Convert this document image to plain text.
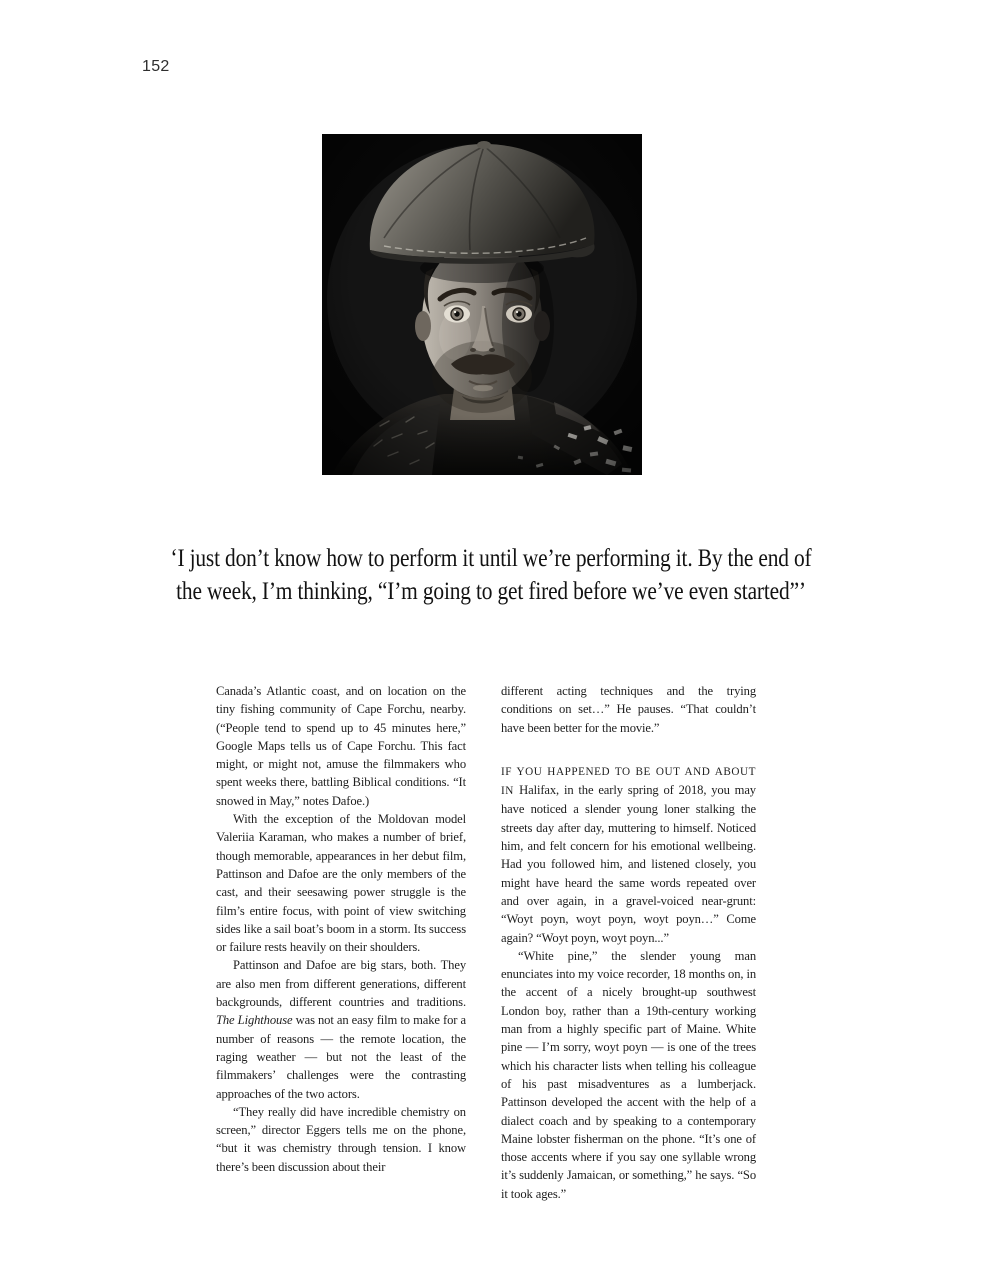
152
‘I just don’t know how to perform it until we’re performing it. By the end of
the week, I’m thinking, “I’m going to get fired before we’ve even started”’

Canada’s Atlantic coast, and on location on the tiny fishing community of Cape Forchu, nearby. (“People tend to spend up to 45 minutes here,” Google Maps tells us of Cape Forchu. This fact might, or might not, amuse the filmmakers who spent weeks there, battling Biblical conditions. “It snowed in May,” notes Dafoe.)

With the exception of the Moldovan model Valeriia Karaman, who makes a number of brief, though memorable, appearances in her debut film, Pattinson and Dafoe are the only members of the cast, and their seesawing power struggle is the film’s entire focus, with point of view switching sides like a sail boat’s boom in a storm. Its success or failure rests heavily on their shoulders.

Pattinson and Dafoe are big stars, both. They are also men from different generations, different backgrounds, different countries and traditions. The Lighthouse was not an easy film to make for a number of reasons — the remote location, the raging weather — but not the least of the filmmakers’ challenges were the contrasting approaches of the two actors.

“They really did have incredible chemistry on screen,” director Eggers tells me on the phone, “but it was chemistry through tension. I know there’s been discussion about their

different acting techniques and the trying conditions on set…” He pauses. “That couldn’t have been better for the movie.”

IF YOU HAPPENED TO BE OUT AND ABOUT IN Halifax, in the early spring of 2018, you may have noticed a slender young loner stalking the streets day after day, muttering to himself. Noticed him, and felt concern for his emotional wellbeing. Had you followed him, and listened closely, you might have heard the same words repeated over and over again, in a gravel-voiced near-grunt: “Woyt poyn, woyt poyn, woyt poyn…” Come again? “Woyt poyn, woyt poyn...”

“White pine,” the slender young man enunciates into my voice recorder, 18 months on, in the accent of a nicely brought-up southwest London boy, rather than a 19th-century working man from a highly specific part of Maine. White pine — I’m sorry, woyt poyn — is one of the trees which his character lists when telling his colleague of his past misadventures as a lumberjack. Pattinson developed the accent with the help of a dialect coach and by speaking to a contemporary Maine lobster fisherman on the phone. “It’s one of those accents where if you say one syllable wrong it’s suddenly Jamaican, or something,” he says. “So it took ages.”
